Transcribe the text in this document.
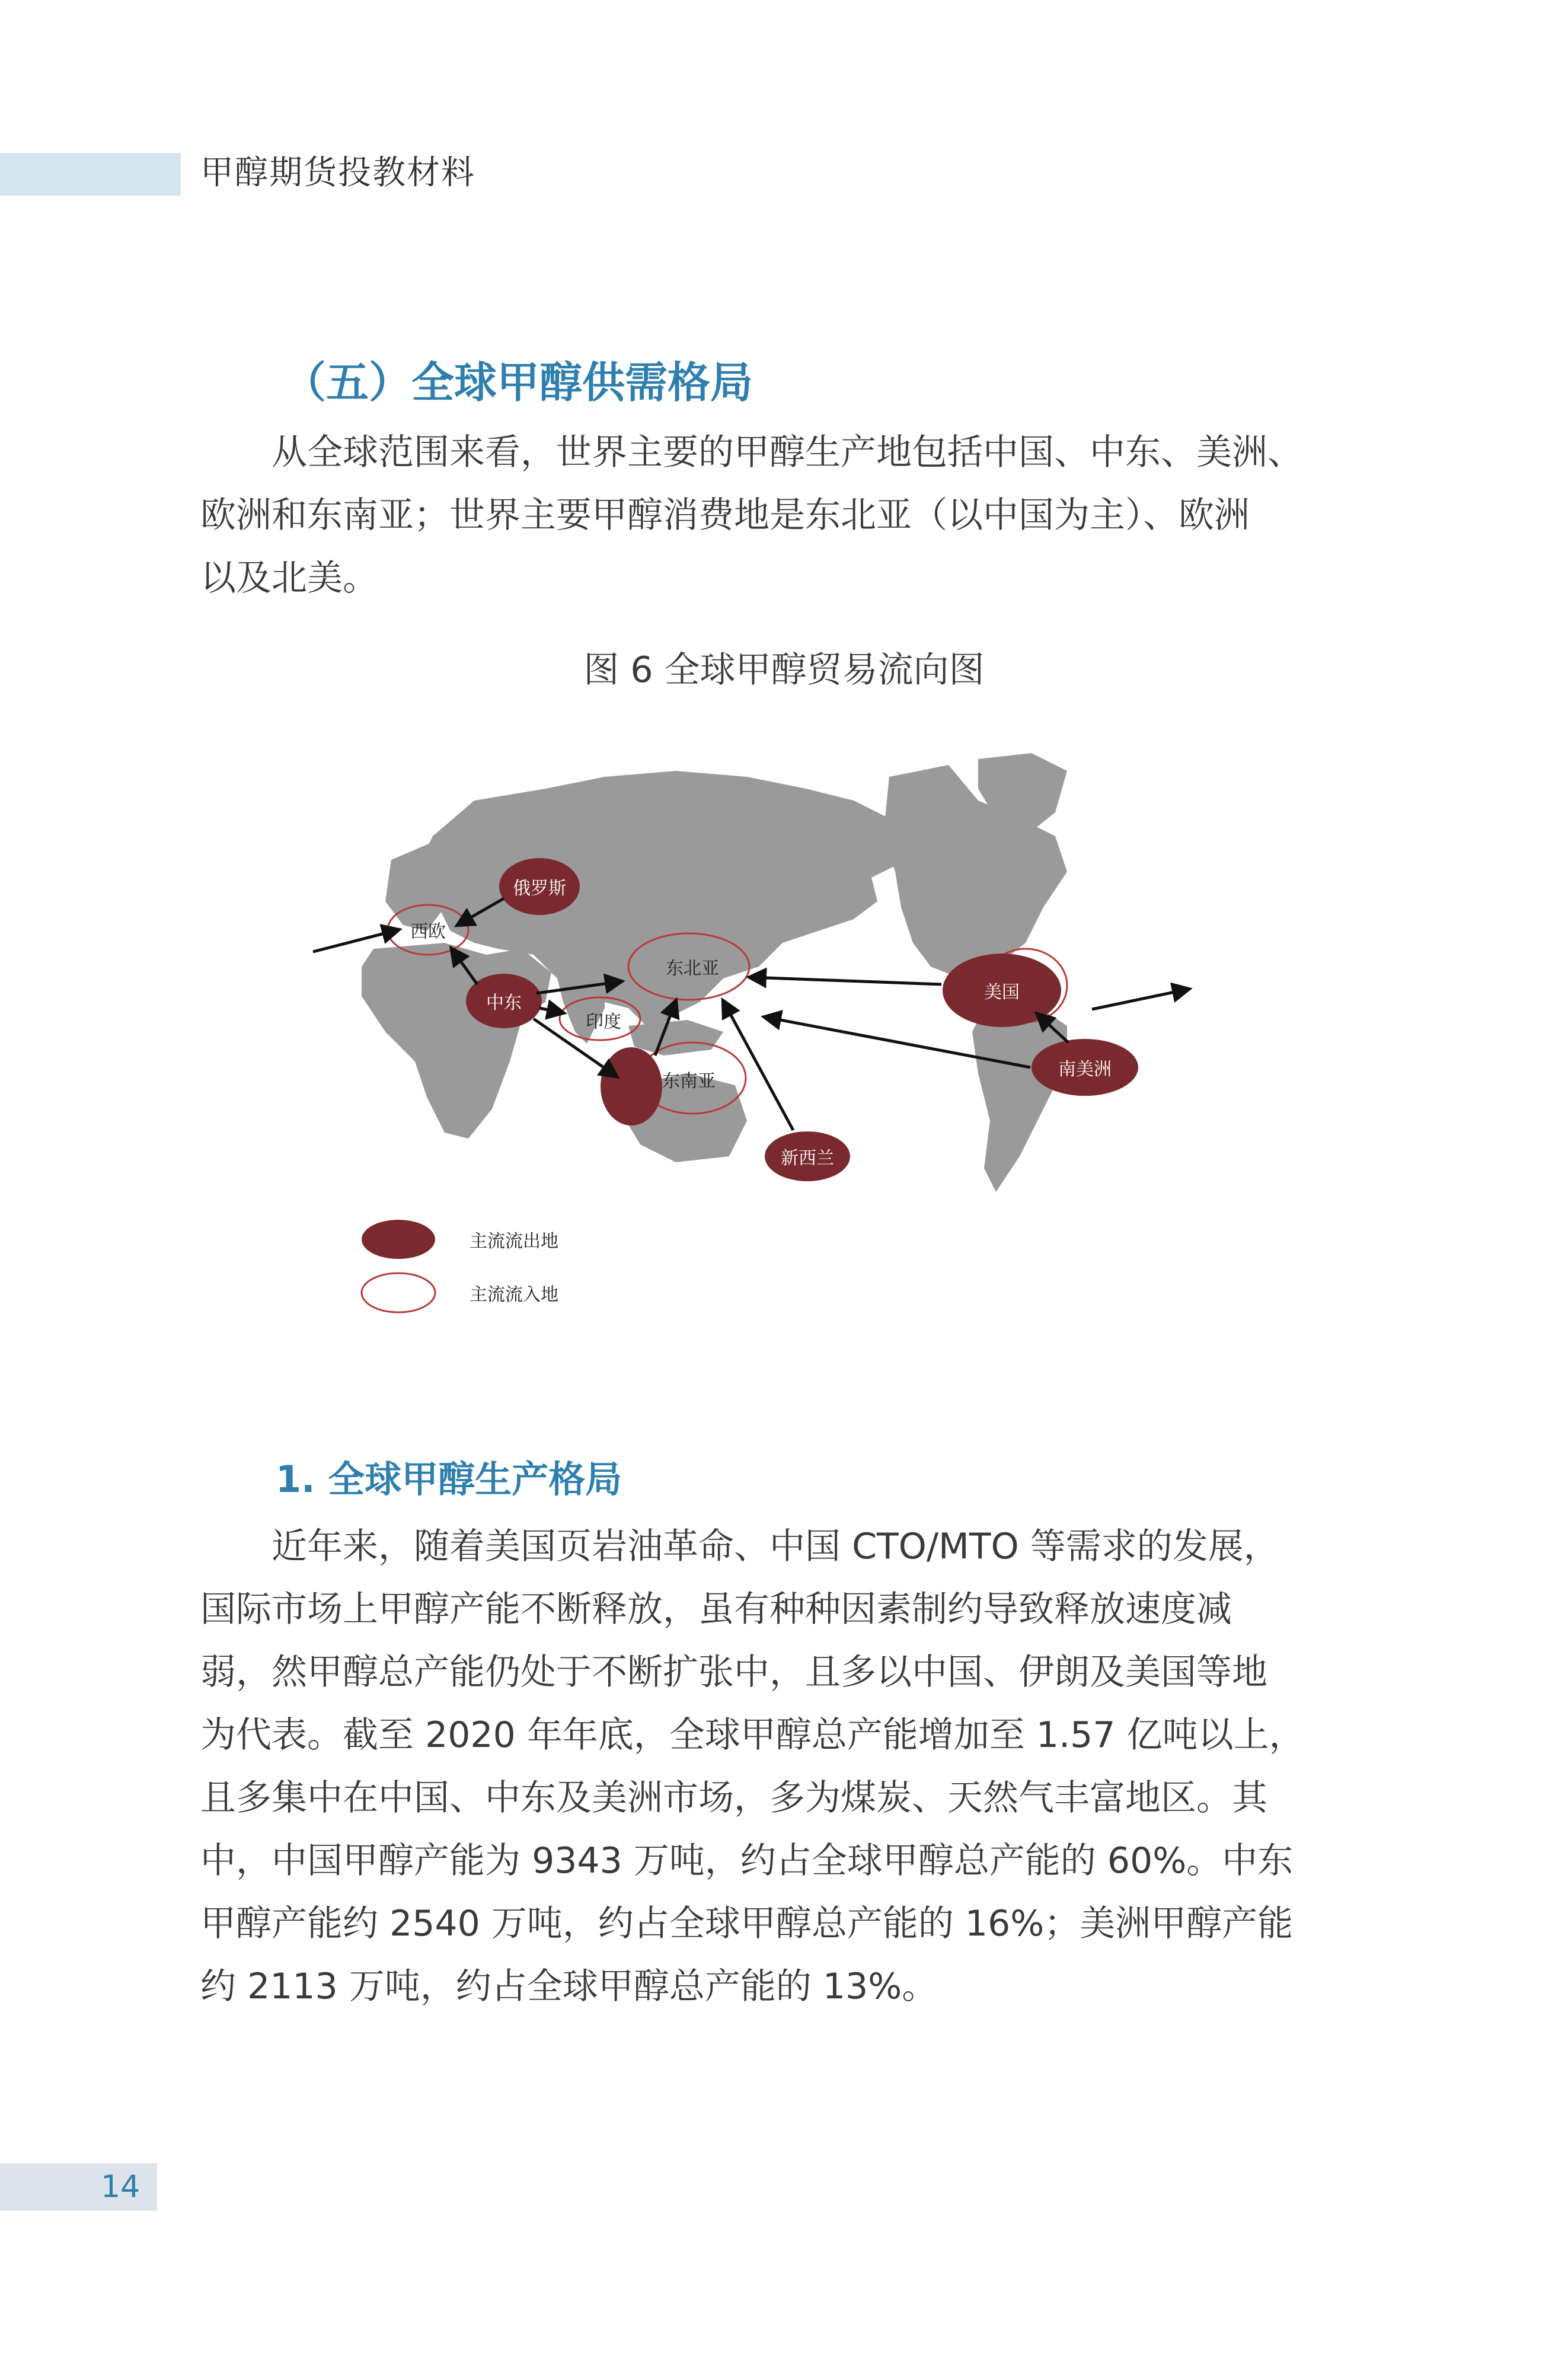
甲醇期货投教材料
（五）全球甲醇供需格局
从全球范围来看，世界主要的甲醇生产地包括中国、中东、美洲、
欧洲和东南亚；世界主要甲醇消费地是东北亚（以中国为主）、欧洲
以及北美。
图 6 全球甲醇贸易流向图
俄罗斯
西欧
中东
印度
东北亚
东南亚
新西兰
美国
南美洲
主流流出地
主流流入地
1. 全球甲醇生产格局
近年来，随着美国页岩油革命、中国 CTO/MTO 等需求的发展，
国际市场上甲醇产能不断释放，虽有种种因素制约导致释放速度减
弱，然甲醇总产能仍处于不断扩张中，且多以中国、伊朗及美国等地
为代表。截至 2020 年年底，全球甲醇总产能增加至 1.57 亿吨以上，
且多集中在中国、中东及美洲市场，多为煤炭、天然气丰富地区。其
中，中国甲醇产能为 9343 万吨，约占全球甲醇总产能的 60%。中东
甲醇产能约 2540 万吨，约占全球甲醇总产能的 16%；美洲甲醇产能
约 2113 万吨，约占全球甲醇总产能的 13%。
14
